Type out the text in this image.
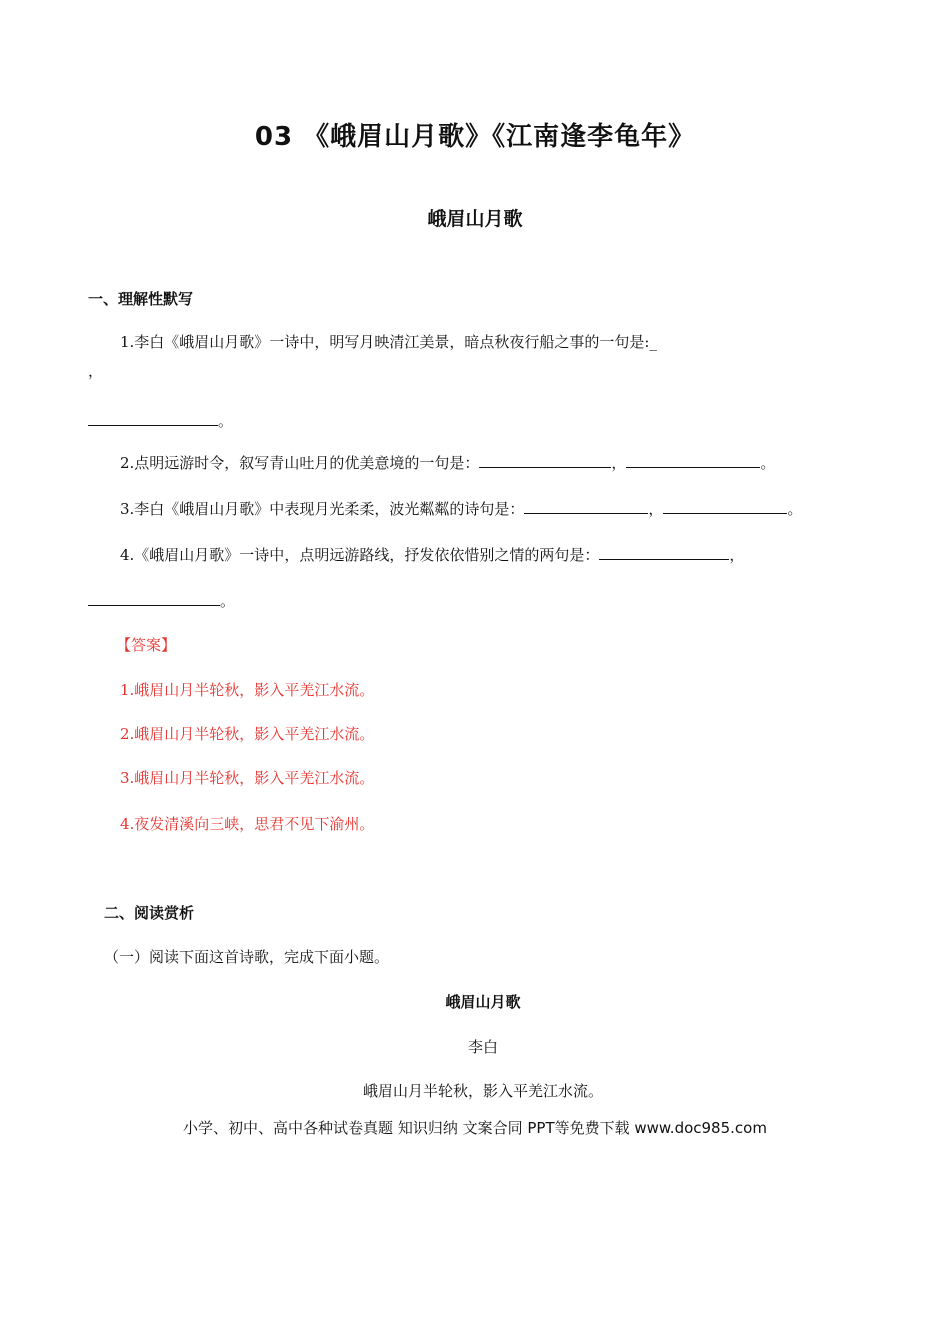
03 《峨眉山月歌》《江南逢李龟年》
峨眉山月歌
一、理解性默写
1.李白《峨眉山月歌》一诗中，明写月映清江美景，暗点秋夜行船之事的一句是:_
，
。
2.点明远游时令，叙写青山吐月的优美意境的一句是：	，	。
3.李白《峨眉山月歌》中表现月光柔柔，波光粼粼的诗句是：	，	。
4.《峨眉山月歌》一诗中，点明远游路线，抒发依依惜别之情的两句是：	，
。
【答案】
1.峨眉山月半轮秋，影入平羌江水流。
2.峨眉山月半轮秋，影入平羌江水流。
3.峨眉山月半轮秋，影入平羌江水流。
4.夜发清溪向三峡，思君不见下渝州。
二、阅读赏析
（一）阅读下面这首诗歌，完成下面小题。
峨眉山月歌
李白
峨眉山月半轮秋，影入平羌江水流。
小学、初中、高中各种试卷真题 知识归纳 文案合同 PPT等免费下载 www.doc985.com
